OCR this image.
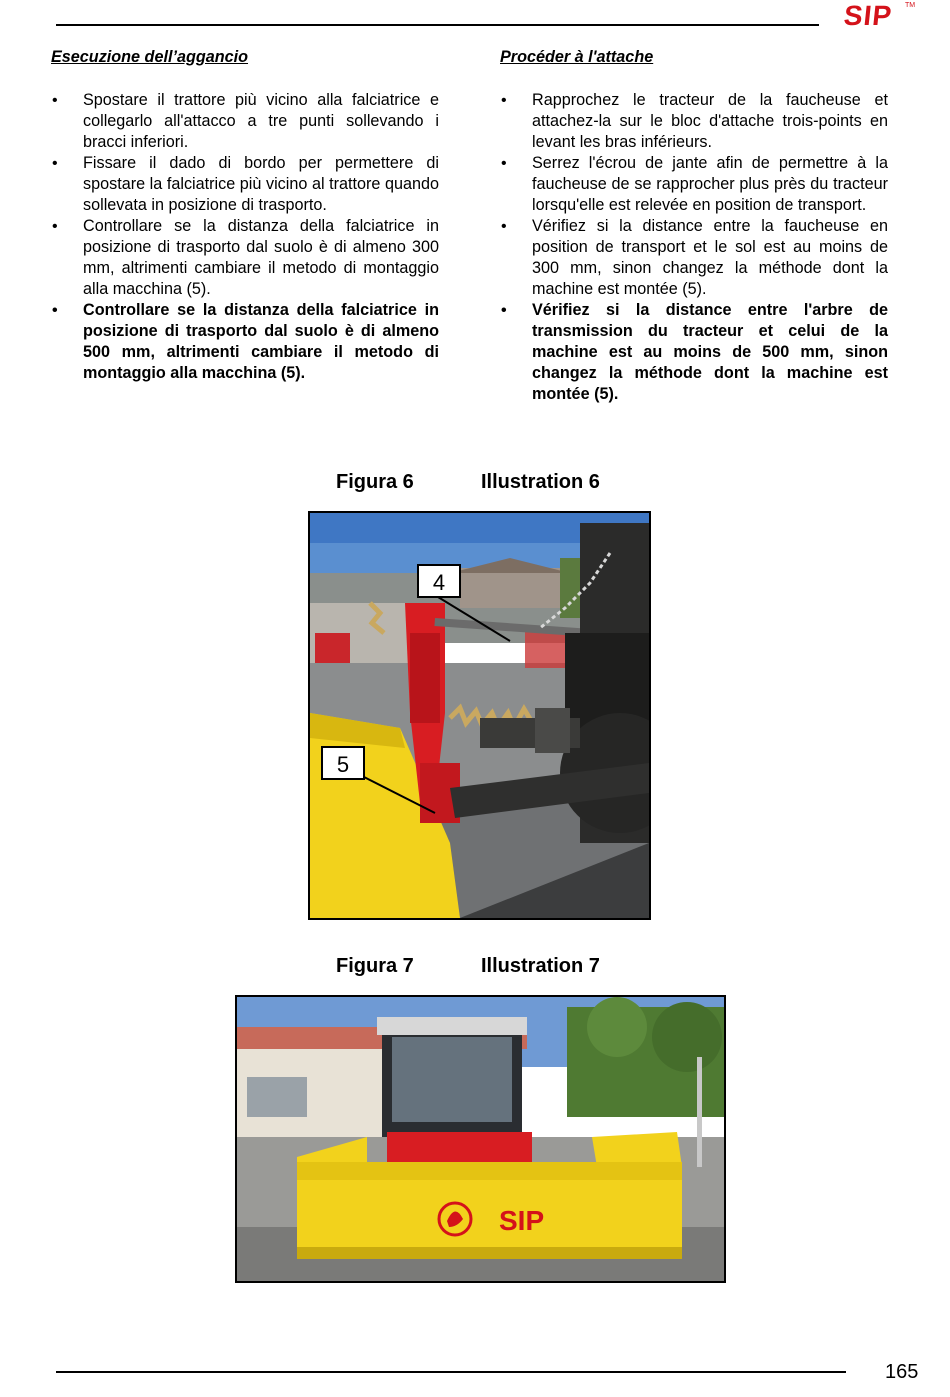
SIP TM
Esecuzione dell’aggancio
• Spostare il trattore più vicino alla falciatrice e collegarlo all'attacco a tre punti sollevando i bracci inferiori.
• Fissare il dado di bordo per permettere di spostare la falciatrice più vicino al trattore quando sollevata in posizione di trasporto.
• Controllare se la distanza della falciatrice in posizione di trasporto dal suolo è di almeno 300 mm, altrimenti cambiare il metodo di montaggio alla macchina (5).
• Controllare se la distanza della falciatrice in posizione di trasporto dal suolo è di almeno 500 mm, altrimenti cambiare il metodo di montaggio alla macchina (5).
Procéder à l'attache
• Rapprochez le tracteur de la faucheuse et attachez-la sur le bloc d'attache trois-points en levant les bras inférieurs.
• Serrez l'écrou de jante afin de permettre à la faucheuse de se rapprocher plus près du tracteur lorsqu'elle est relevée en position de transport.
• Vérifiez si la distance entre la faucheuse en position de transport et le sol est au moins de 300 mm, sinon changez la méthode dont la machine est montée (5).
• Vérifiez si la distance entre l'arbre de transmission du tracteur et celui de la machine est au moins de 500 mm, sinon changez la méthode dont la machine est montée (5).
Figura 6	Illustration 6
4
5
Figura 7	Illustration 7
SIP
165
